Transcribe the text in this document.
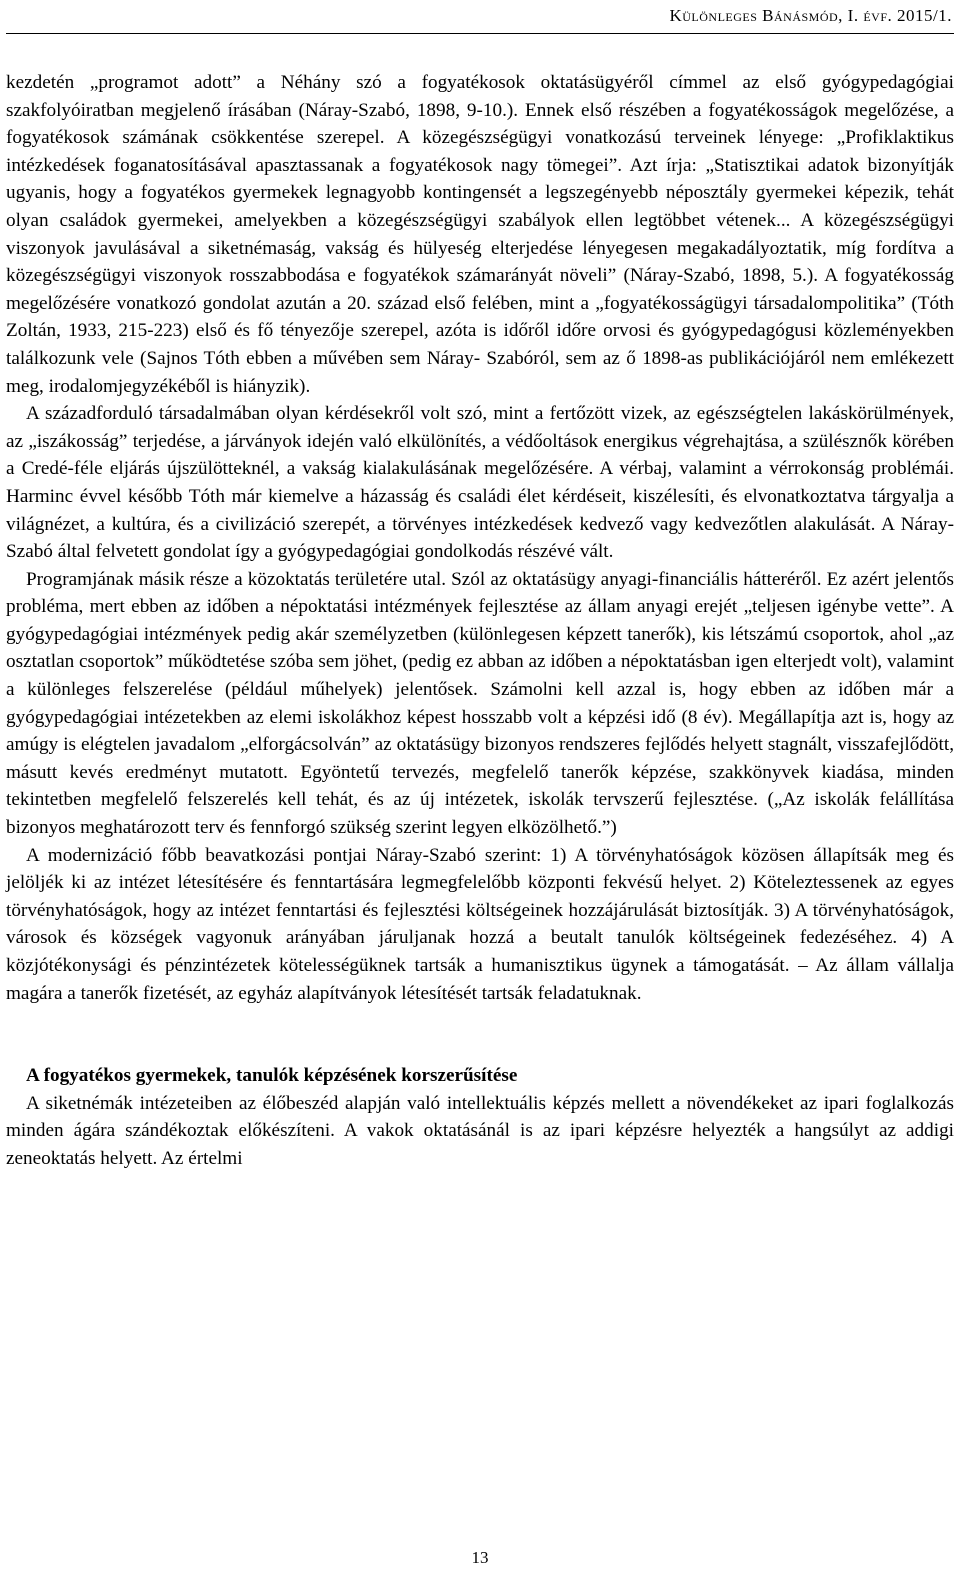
Különleges Bánásmód, I. évf. 2015/1.

kezdetén „programot adott” a Néhány szó a fogyatékosok oktatásügyéről címmel az első gyógypedagógiai szakfolyóiratban megjelenő írásában (Náray-Szabó, 1898, 9-10.). Ennek első részében a fogyatékosságok megelőzése, a fogyatékosok számának csökkentése szerepel. A közegészségügyi vonatkozású terveinek lényege: „Profiklaktikus intézkedések foganatosításával apasztassanak a fogyatékosok nagy tömegei”. Azt írja: „Statisztikai adatok bizonyítják ugyanis, hogy a fogyatékos gyermekek legnagyobb kontingensét a legszegényebb néposztály gyermekei képezik, tehát olyan családok gyermekei, amelyekben a közegészségügyi szabályok ellen legtöbbet vétenek... A közegészségügyi viszonyok javulásával a siketnémaság, vakság és hülyeség elterjedése lényegesen megakadályoztatik, míg fordítva a közegészségügyi viszonyok rosszabbodása e fogyatékok számarányát növeli” (Náray-Szabó, 1898, 5.). A fogyatékosság megelőzésére vonatkozó gondolat azután a 20. század első felében, mint a „fogyatékosságügyi társadalompolitika” (Tóth Zoltán, 1933, 215-223) első és fő tényezője szerepel, azóta is időről időre orvosi és gyógypedagógusi közleményekben találkozunk vele (Sajnos Tóth ebben a művében sem Náray- Szabóról, sem az ő 1898-as publikációjáról nem emlékezett meg, irodalomjegyzékéből is hiányzik).

A századforduló társadalmában olyan kérdésekről volt szó, mint a fertőzött vizek, az egészségtelen lakáskörülmények, az „iszákosság” terjedése, a járványok idején való elkülönítés, a védőoltások energikus végrehajtása, a szülésznők körében a Credé-féle eljárás újszülötteknél, a vakság kialakulásának megelőzésére. A vérbaj, valamint a vérrokonság problémái. Harminc évvel később Tóth már kiemelve a házasság és családi élet kérdéseit, kiszélesíti, és elvonatkoztatva tárgyalja a világnézet, a kultúra, és a civilizáció szerepét, a törvényes intézkedések kedvező vagy kedvezőtlen alakulását. A Náray-Szabó által felvetett gondolat így a gyógypedagógiai gondolkodás részévé vált.

Programjának másik része a közoktatás területére utal. Szól az oktatásügy anyagi-financiális hátteréről. Ez azért jelentős probléma, mert ebben az időben a népoktatási intézmények fejlesztése az állam anyagi erejét „teljesen igénybe vette”. A gyógypedagógiai intézmények pedig akár személyzetben (különlegesen képzett tanerők), kis létszámú csoportok, ahol „az osztatlan csoportok” működtetése szóba sem jöhet, (pedig ez abban az időben a népoktatásban igen elterjedt volt), valamint a különleges felszerelése (például műhelyek) jelentősek. Számolni kell azzal is, hogy ebben az időben már a gyógypedagógiai intézetekben az elemi iskolákhoz képest hosszabb volt a képzési idő (8 év). Megállapítja azt is, hogy az amúgy is elégtelen javadalom „elforgácsolván” az oktatásügy bizonyos rendszeres fejlődés helyett stagnált, visszafejlődött, másutt kevés eredményt mutatott. Egyöntetű tervezés, megfelelő tanerők képzése, szakkönyvek kiadása, minden tekintetben megfelelő felszerelés kell tehát, és az új intézetek, iskolák tervszerű fejlesztése. („Az iskolák felállítása bizonyos meghatározott terv és fennforgó szükség szerint legyen elközölhető.”)

A modernizáció főbb beavatkozási pontjai Náray-Szabó szerint: 1) A törvényhatóságok közösen állapítsák meg és jelöljék ki az intézet létesítésére és fenntartására legmegfelelőbb központi fekvésű helyet. 2) Köteleztessenek az egyes törvényhatóságok, hogy az intézet fenntartási és fejlesztési költségeinek hozzájárulását biztosítják. 3) A törvényhatóságok, városok és községek vagyonuk arányában járuljanak hozzá a beutalt tanulók költségeinek fedezéséhez. 4) A közjótékonysági és pénzintézetek kötelességüknek tartsák a humanisztikus ügynek a támogatását. – Az állam vállalja magára a tanerők fizetését, az egyház alapítványok létesítését tartsák feladatuknak.

A fogyatékos gyermekek, tanulók képzésének korszerűsítése

A siketnémák intézeteiben az élőbeszéd alapján való intellektuális képzés mellett a növendékeket az ipari foglalkozás minden ágára szándékoztak előkészíteni. A vakok oktatásánál is az ipari képzésre helyezték a hangsúlyt az addigi zeneoktatás helyett. Az értelmi

13
